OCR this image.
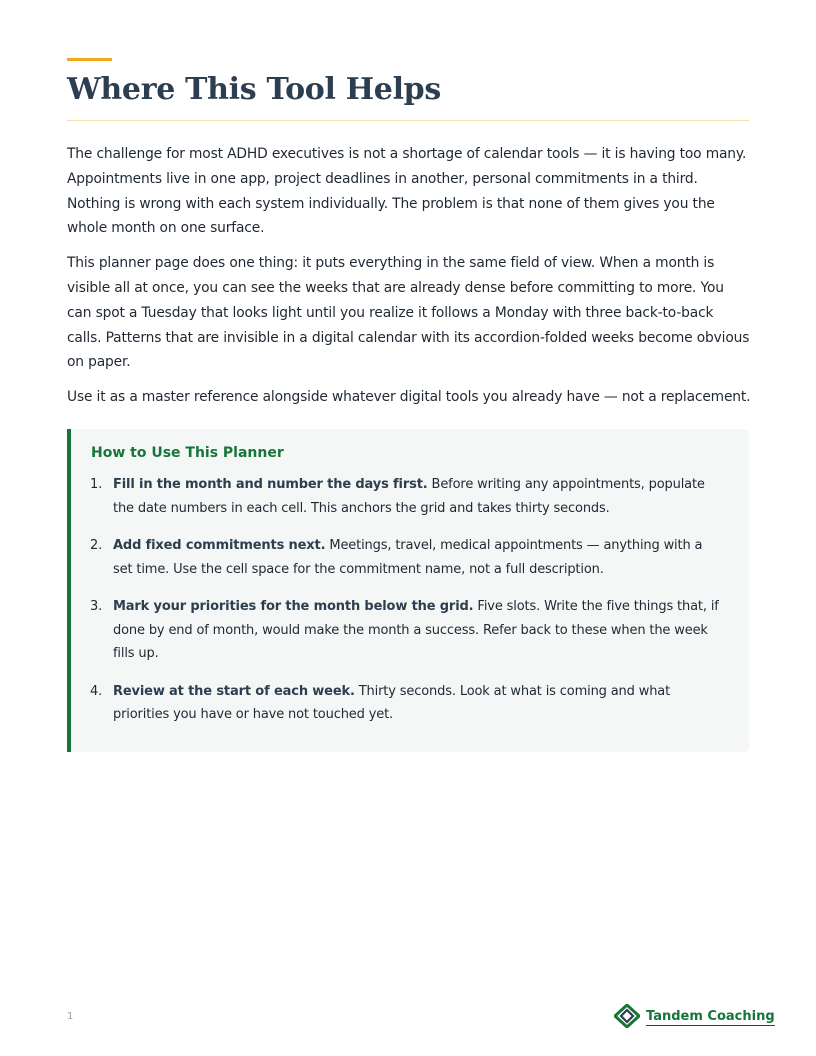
Where This Tool Helps

The challenge for most ADHD executives is not a shortage of calendar tools — it is having too many. Appointments live in one app, project deadlines in another, personal commitments in a third. Nothing is wrong with each system individually. The problem is that none of them gives you the whole month on one surface.

This planner page does one thing: it puts everything in the same field of view. When a month is visible all at once, you can see the weeks that are already dense before committing to more. You can spot a Tuesday that looks light until you realize it follows a Monday with three back-to-back calls. Patterns that are invisible in a digital calendar with its accordion-folded weeks become obvious on paper.

Use it as a master reference alongside whatever digital tools you already have — not a replacement.

How to Use This Planner
1. Fill in the month and number the days first. Before writing any appointments, populate the date numbers in each cell. This anchors the grid and takes thirty seconds.
2. Add fixed commitments next. Meetings, travel, medical appointments — anything with a set time. Use the cell space for the commitment name, not a full description.
3. Mark your priorities for the month below the grid. Five slots. Write the five things that, if done by end of month, would make the month a success. Refer back to these when the week fills up.
4. Review at the start of each week. Thirty seconds. Look at what is coming and what priorities you have or have not touched yet.
1	Tandem Coaching
